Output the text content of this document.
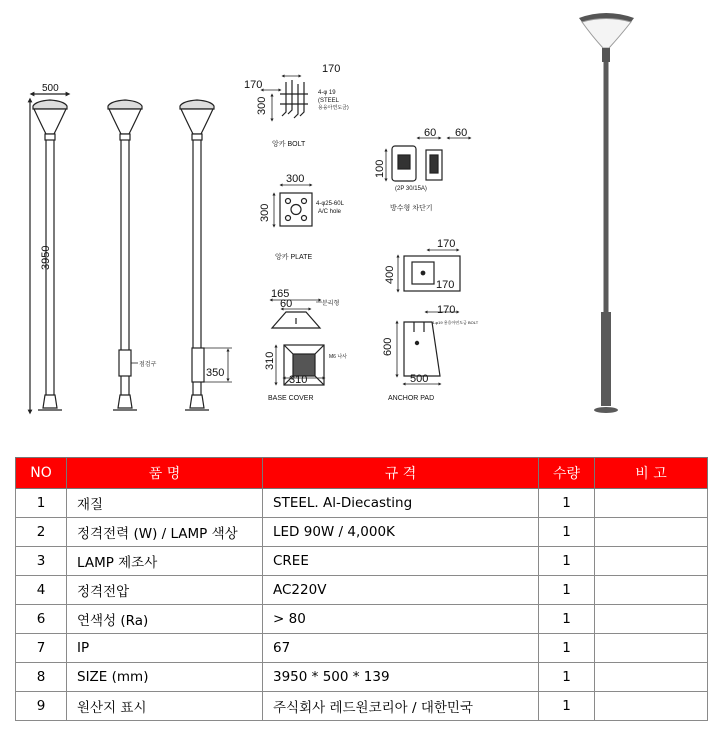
500
3950
점검구
350
170
170
300
4-φ 19
(STEEL
용융아연도금)
앙카 BOLT
60 60
100
(2P 30/15A)
방수형 차단기
300
300	4-φ25-60L
A/C hole
앙카 PLATE
170
400
170
165
60	분리형
310
310
M6 나사
BASE COVER
170
4-φ19 용융아연도금 BOLT
600
500
ANCHOR PAD
NO	품 명	규 격	수량	비 고
1	재질	STEEL. Al-Diecasting	1	
2	정격전력 (W) / LAMP 색상	LED 90W / 4,000K	1	
3	LAMP 제조사	CREE	1	
4	정격전압	AC220V	1	
6	연색성 (Ra)	> 80	1	
7	IP	67	1	
8	SIZE (mm)	3950 * 500 * 139	1	
9	원산지 표시	주식회사 레드원코리아 / 대한민국	1	
